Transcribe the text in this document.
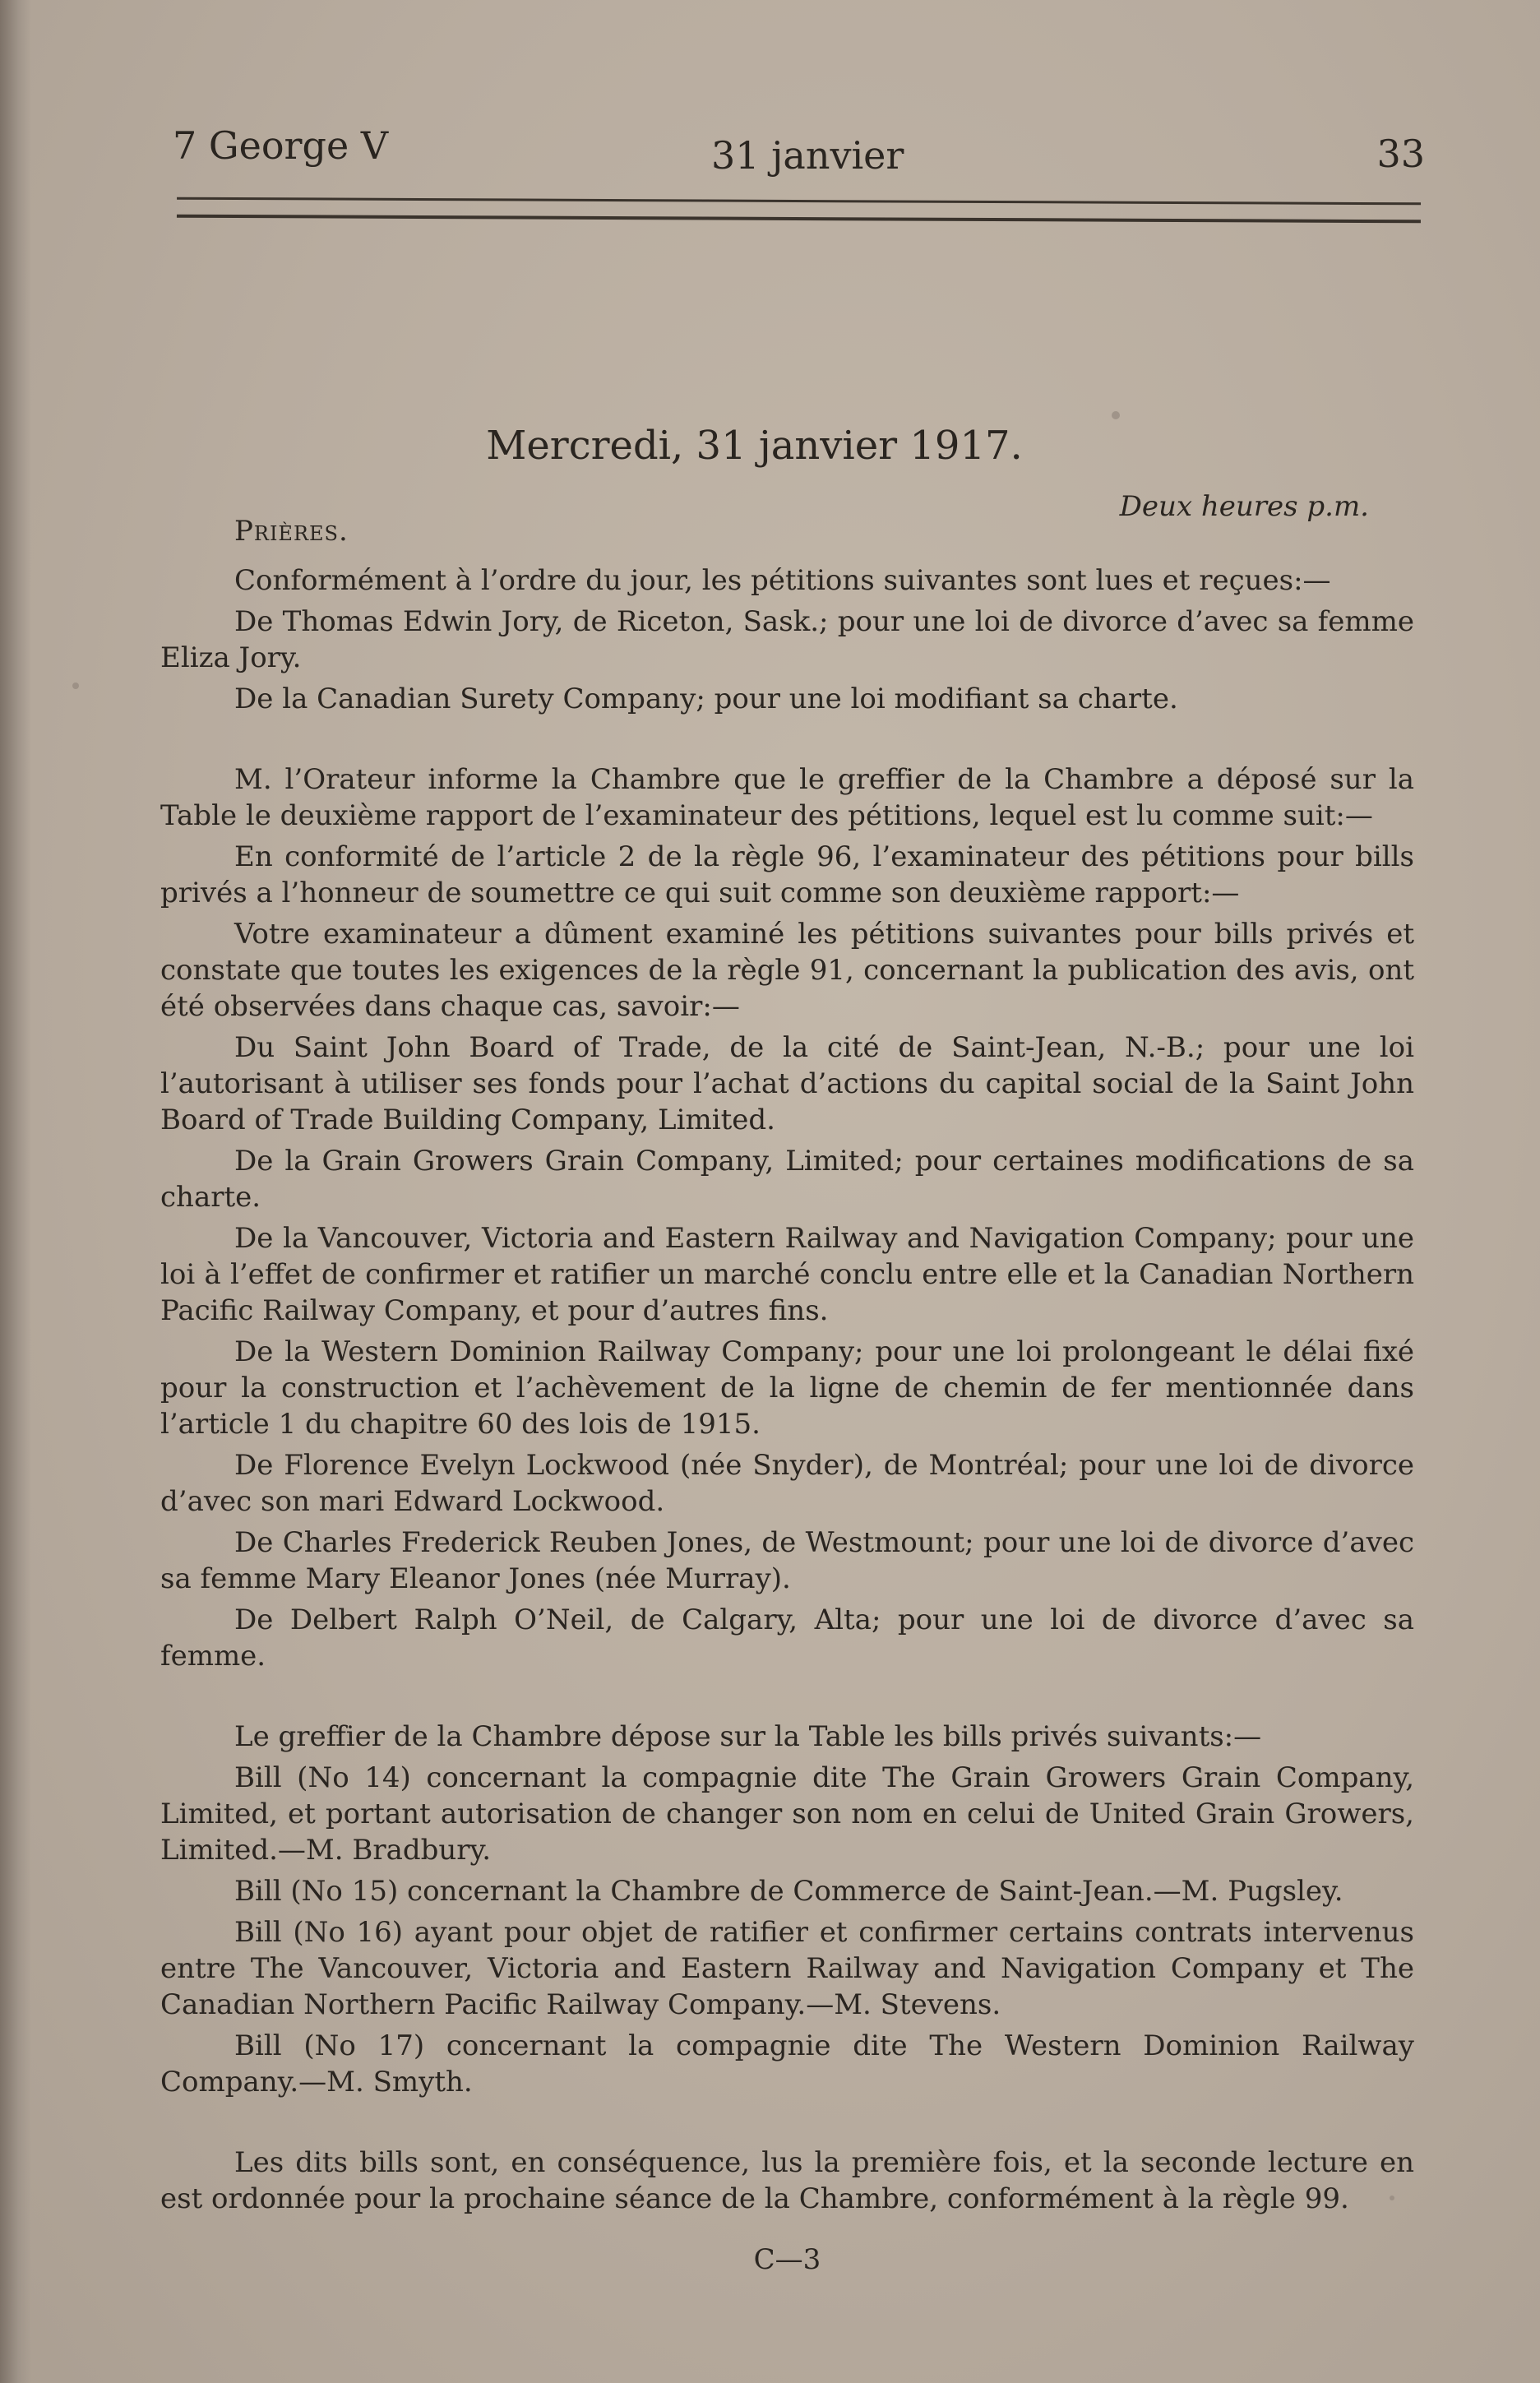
7 George V	31 janvier	33
Mercredi, 31 janvier 1917.
Prières.
Deux heures p.m.

Conformément à l’ordre du jour, les pétitions suivantes sont lues et reçues:—

De Thomas Edwin Jory, de Riceton, Sask.; pour une loi de divorce d’avec sa femme Eliza Jory.

De la Canadian Surety Company; pour une loi modifiant sa charte.

M. l’Orateur informe la Chambre que le greffier de la Chambre a déposé sur la Table le deuxième rapport de l’examinateur des pétitions, lequel est lu comme suit:—

En conformité de l’article 2 de la règle 96, l’examinateur des pétitions pour bills privés a l’honneur de soumettre ce qui suit comme son deuxième rapport:—

Votre examinateur a dûment examiné les pétitions suivantes pour bills privés et constate que toutes les exigences de la règle 91, concernant la publication des avis, ont été observées dans chaque cas, savoir:—

Du Saint John Board of Trade, de la cité de Saint-Jean, N.-B.; pour une loi l’autorisant à utiliser ses fonds pour l’achat d’actions du capital social de la Saint John Board of Trade Building Company, Limited.

De la Grain Growers Grain Company, Limited; pour certaines modifications de sa charte.

De la Vancouver, Victoria and Eastern Railway and Navigation Company; pour une loi à l’effet de confirmer et ratifier un marché conclu entre elle et la Canadian Northern Pacific Railway Company, et pour d’autres fins.

De la Western Dominion Railway Company; pour une loi prolongeant le délai fixé pour la construction et l’achèvement de la ligne de chemin de fer mentionnée dans l’article 1 du chapitre 60 des lois de 1915.

De Florence Evelyn Lockwood (née Snyder), de Montréal; pour une loi de divorce d’avec son mari Edward Lockwood.

De Charles Frederick Reuben Jones, de Westmount; pour une loi de divorce d’avec sa femme Mary Eleanor Jones (née Murray).

De Delbert Ralph O’Neil, de Calgary, Alta; pour une loi de divorce d’avec sa femme.

Le greffier de la Chambre dépose sur la Table les bills privés suivants:—

Bill (No 14) concernant la compagnie dite The Grain Growers Grain Company, Limited, et portant autorisation de changer son nom en celui de United Grain Growers, Limited.—M. Bradbury.

Bill (No 15) concernant la Chambre de Commerce de Saint-Jean.—M. Pugsley.

Bill (No 16) ayant pour objet de ratifier et confirmer certains contrats intervenus entre The Vancouver, Victoria and Eastern Railway and Navigation Company et The Canadian Northern Pacific Railway Company.—M. Stevens.

Bill (No 17) concernant la compagnie dite The Western Dominion Railway Company.—M. Smyth.

Les dits bills sont, en conséquence, lus la première fois, et la seconde lecture en est ordonnée pour la prochaine séance de la Chambre, conformément à la règle 99.

C—3
